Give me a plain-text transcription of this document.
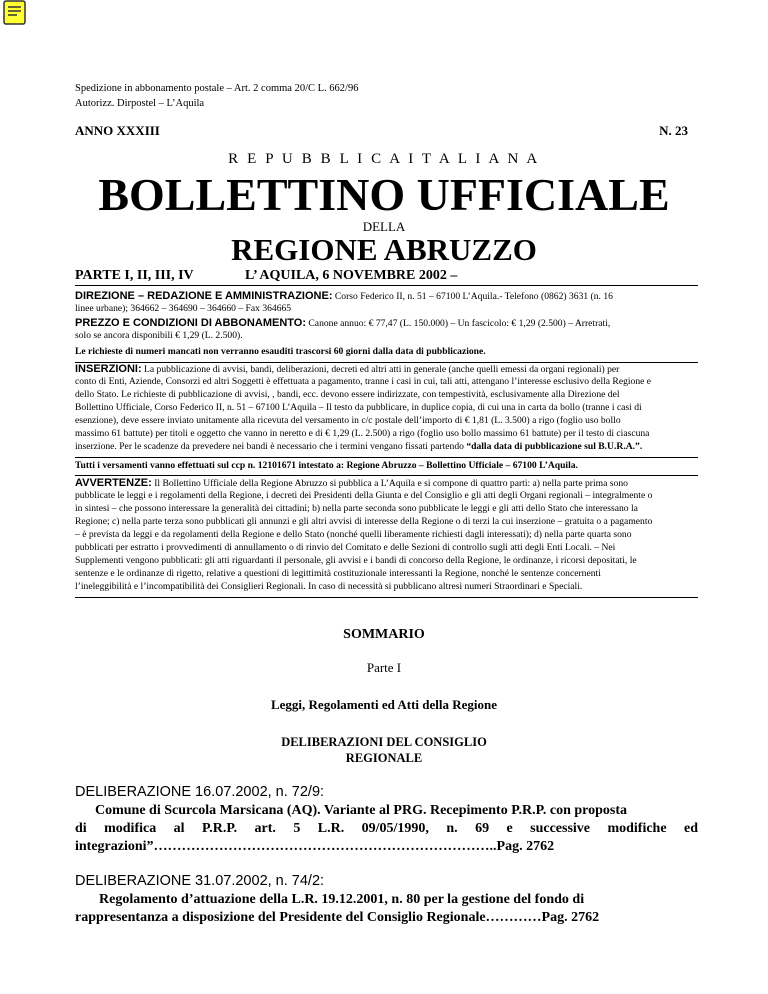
Spedizione in abbonamento postale – Art. 2 comma 20/C L. 662/96
Autorizz. Dirpostel – L’Aquila
ANNO XXXIII	N. 23
R E P U B B L I C A I T A L I A N A
BOLLETTINO UFFICIALE
DELLA
REGIONE ABRUZZO
PARTE I, II, III, IV	L’ AQUILA, 6 NOVEMBRE 2002 –
DIREZIONE – REDAZIONE E AMMINISTRAZIONE: Corso Federico II, n. 51 – 67100 L’Aquila.- Telefono (0862) 3631 (n. 16
linee urbane); 364662 – 364690 – 364660 – Fax 364665
PREZZO E CONDIZIONI DI ABBONAMENTO: Canone annuo: € 77,47 (L. 150.000) – Un fascicolo: € 1,29 (2.500) – Arretrati,
solo se ancora disponibili € 1,29 (L. 2.500).
Le richieste di numeri mancati non verranno esauditi trascorsi 60 giorni dalla data di pubblicazione.
INSERZIONI: La pubblicazione di avvisi, bandi, deliberazioni, decreti ed altri atti in generale (anche quelli emessi da organi regionali) per
conto di Enti, Aziende, Consorzi ed altri Soggetti è effettuata a pagamento, tranne i casi in cui, tali atti, attengano l’interesse esclusivo della Regione e
dello Stato. Le richieste di pubblicazione di avvisi, , bandi, ecc. devono essere indirizzate, con tempestività, esclusivamente alla Direzione del
Bollettino Ufficiale, Corso Federico II, n. 51 – 67100 L’Aquila – Il testo da pubblicare, in duplice copia, di cui una in carta da bollo (tranne i casi di
esenzione), deve essere inviato unitamente alla ricevuta del versamento in c/c postale dell’importo di € 1,81 (L. 3.500) a rigo (foglio uso bollo
massimo 61 battute) per titoli e oggetto che vanno in neretto e di € 1,29 (L. 2.500) a rigo (foglio uso bollo massimo 61 battute) per il testo di ciascuna
inserzione. Per le scadenze da prevedere nei bandi è necessario che i termini vengano fissati partendo “dalla data di pubblicazione sul B.U.R.A.”.
Tutti i versamenti vanno effettuati sul ccp n. 12101671 intestato a: Regione Abruzzo – Bollettino Ufficiale – 67100 L’Aquila.
AVVERTENZE: Il Bollettino Ufficiale della Regione Abruzzo si pubblica a L’Aquila e si compone di quattro parti: a) nella parte prima sono
pubblicate le leggi e i regolamenti della Regione, i decreti dei Presidenti della Giunta e del Consiglio e gli atti degli Organi regionali – integralmente o
in sintesi – che possono interessare la generalità dei cittadini; b) nella parte seconda sono pubblicate le leggi e gli atti dello Stato che interessano la
Regione; c) nella parte terza sono pubblicati gli annunzi e gli altri avvisi di interesse della Regione o di terzi la cui inserzione – gratuita o a pagamento
– è prevista da leggi e da regolamenti della Regione e dello Stato (nonché quelli liberamente richiesti dagli interessati); d) nella parte quarta sono
pubblicati per estratto i provvedimenti di annullamento o di rinvio del Comitato e delle Sezioni di controllo sugli atti degli Enti Locali. – Nei
Supplementi vengono pubblicati: gli atti riguardanti il personale, gli avvisi e i bandi di concorso della Regione, le ordinanze, i ricorsi depositati, le
sentenze e le ordinanze di rigetto, relative a questioni di legittimità costituzionale interessanti la Regione, nonché le sentenze concernenti
l’ineleggibilità e l’incompatibilità dei Consiglieri Regionali. In caso di necessità si pubblicano altresì numeri Straordinari e Speciali.
SOMMARIO
Parte I
Leggi, Regolamenti ed Atti della Regione
DELIBERAZIONI DEL CONSIGLIO
REGIONALE
DELIBERAZIONE 16.07.2002, n. 72/9:
Comune di Scurcola Marsicana (AQ). Variante al PRG. Recepimento P.R.P. con proposta
di modifica al P.R.P. art. 5 L.R. 09/05/1990, n. 69 e successive modifiche ed
integrazioni”………………………………………………………………..Pag. 2762
DELIBERAZIONE 31.07.2002, n. 74/2:
Regolamento d’attuazione della L.R. 19.12.2001, n. 80 per la gestione del fondo di
rappresentanza a disposizione del Presidente del Consiglio Regionale…………Pag. 2762
